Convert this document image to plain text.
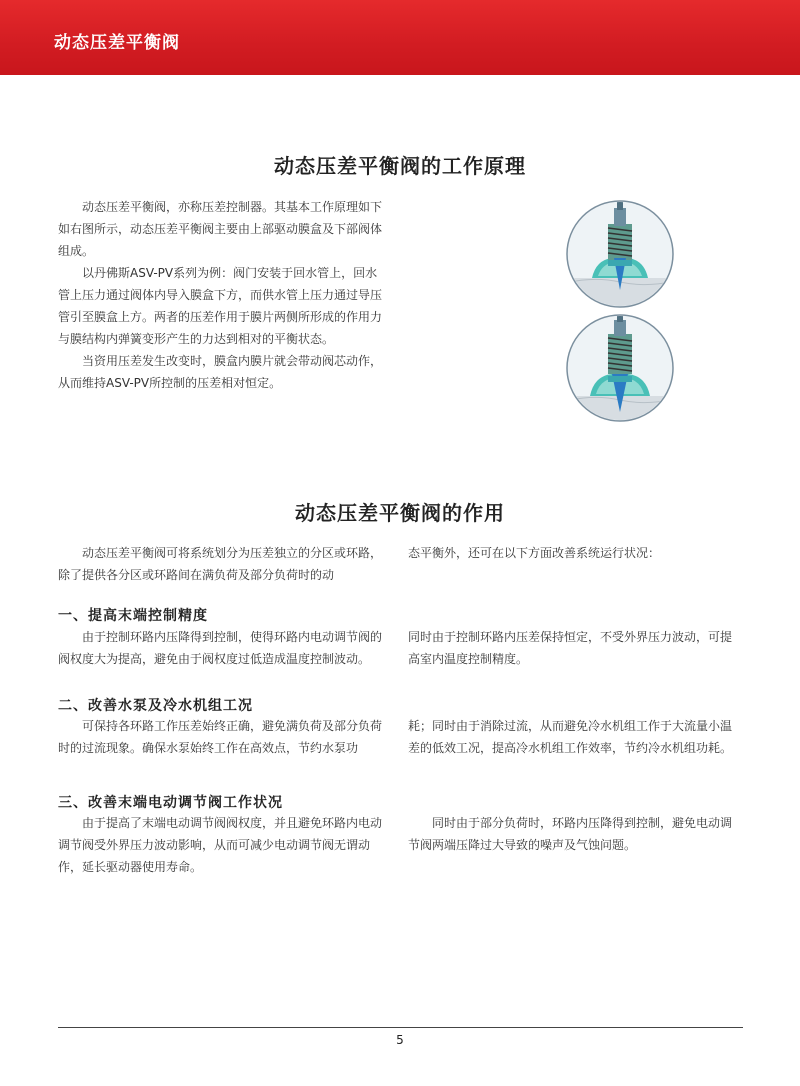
动态压差平衡阀
动态压差平衡阀的工作原理

动态压差平衡阀，亦称压差控制器。其基本工作原理如下如右图所示，动态压差平衡阀主要由上部驱动膜盒及下部阀体组成。

以丹佛斯ASV-PV系列为例：阀门安装于回水管上，回水管上压力通过阀体内导入膜盒下方，而供水管上压力通过导压管引至膜盒上方。两者的压差作用于膜片两侧所形成的作用力与膜结构内弹簧变形产生的力达到相对的平衡状态。

当资用压差发生改变时，膜盒内膜片就会带动阀芯动作，从而维持ASV-PV所控制的压差相对恒定。

动态压差平衡阀的作用

动态压差平衡阀可将系统划分为压差独立的分区或环路，除了提供各分区或环路间在满负荷及部分负荷时的动

态平衡外，还可在以下方面改善系统运行状况：

一、提高末端控制精度

由于控制环路内压降得到控制，使得环路内电动调节阀的阀权度大为提高，避免由于阀权度过低造成温度控制波动。

同时由于控制环路内压差保持恒定，不受外界压力波动，可提高室内温度控制精度。

二、改善水泵及冷水机组工况

可保持各环路工作压差始终正确，避免满负荷及部分负荷时的过流现象。确保水泵始终工作在高效点，节约水泵功

耗；同时由于消除过流，从而避免冷水机组工作于大流量小温差的低效工况，提高冷水机组工作效率，节约冷水机组功耗。

三、改善末端电动调节阀工作状况

由于提高了末端电动调节阀阀权度，并且避免环路内电动调节阀受外界压力波动影响，从而可减少电动调节阀无谓动作，延长驱动器使用寿命。

同时由于部分负荷时，环路内压降得到控制，避免电动调节阀两端压降过大导致的噪声及气蚀问题。

5
